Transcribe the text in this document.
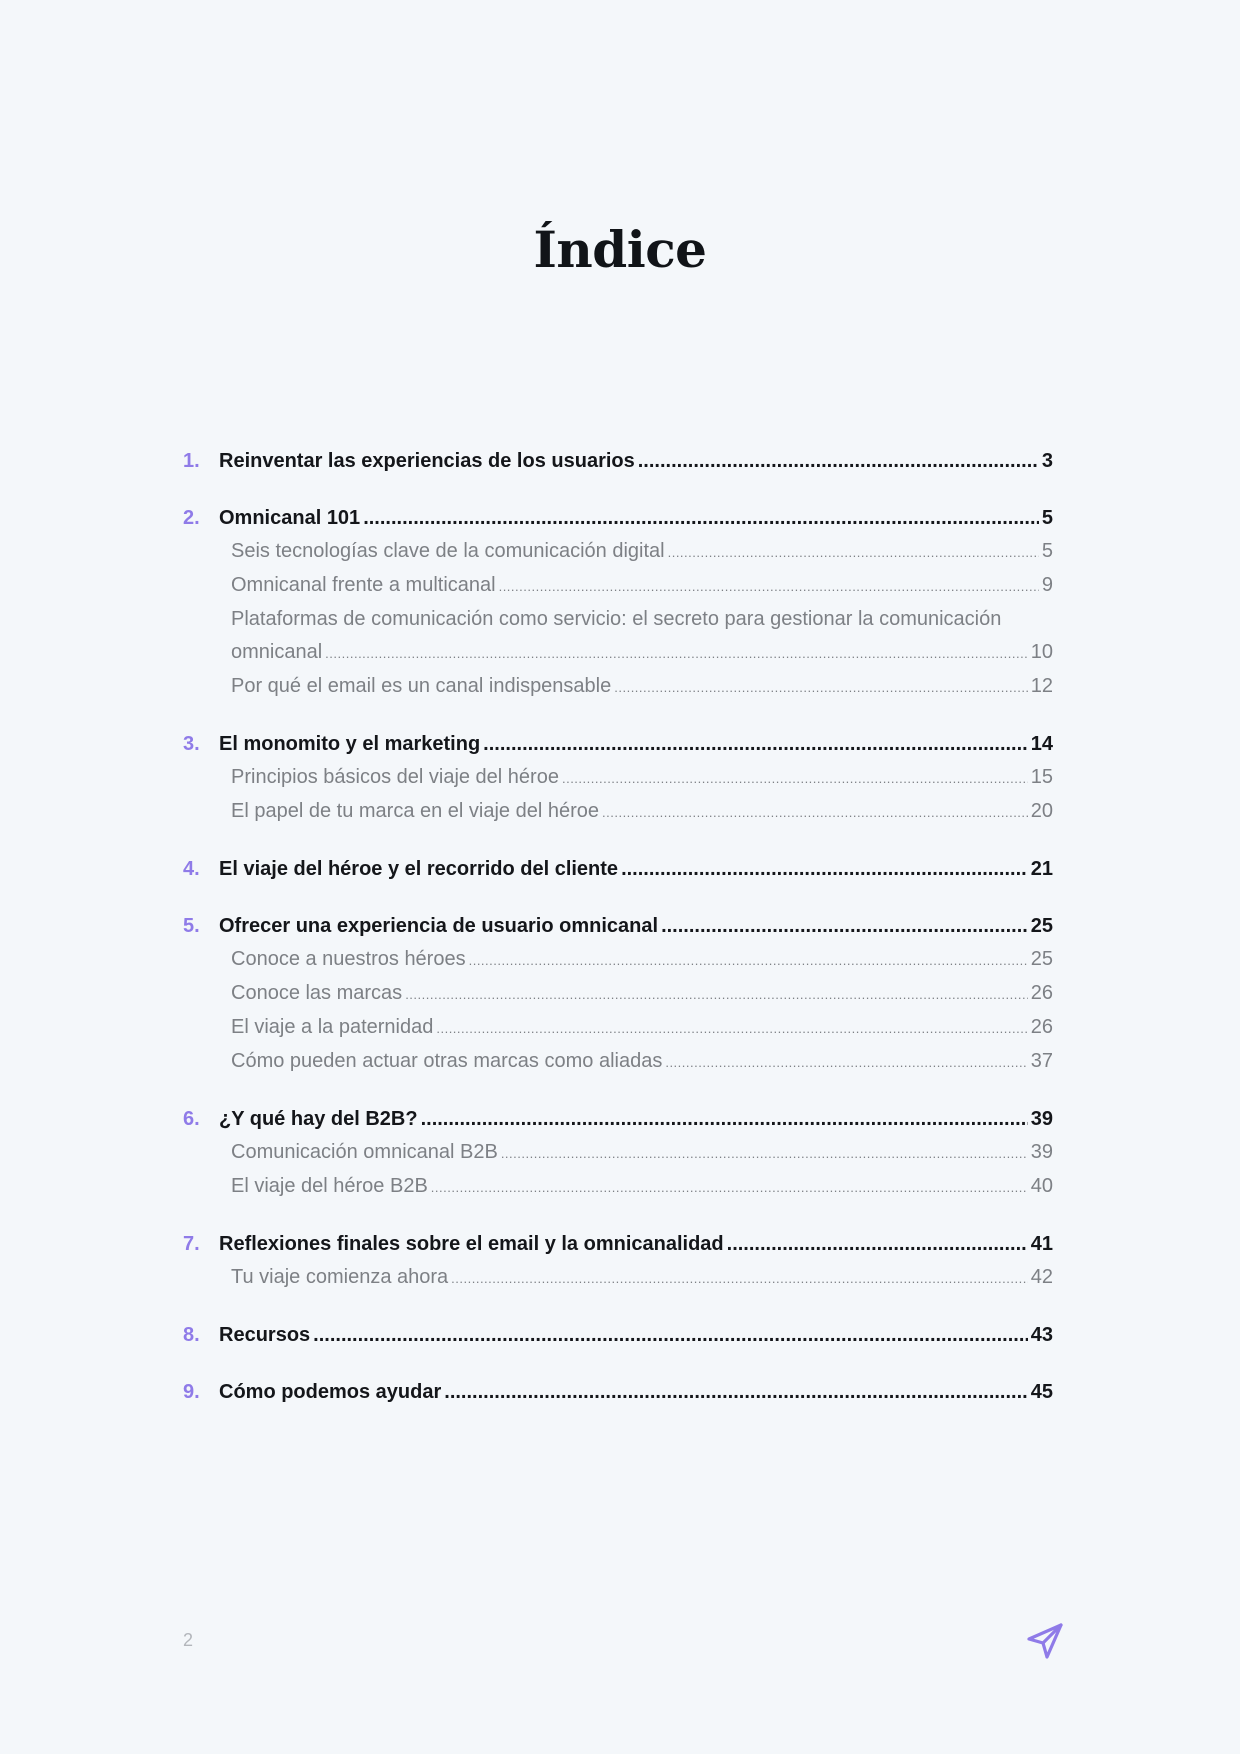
Índice
1. Reinventar las experiencias de los usuarios .....	3
2. Omnicanal 101 .....	5
Seis tecnologías clave de la comunicación digital .....	5
Omnicanal frente a multicanal .....	9
Plataformas de comunicación como servicio: el secreto para gestionar la comunicación
omnicanal .....	10
Por qué el email es un canal indispensable .....	12
3. El monomito y el marketing .....	14
Principios básicos del viaje del héroe .....	15
El papel de tu marca en el viaje del héroe .....	20
4. El viaje del héroe y el recorrido del cliente .....	21
5. Ofrecer una experiencia de usuario omnicanal .....	25
Conoce a nuestros héroes .....	25
Conoce las marcas .....	26
El viaje a la paternidad .....	26
Cómo pueden actuar otras marcas como aliadas .....	37
6. ¿Y qué hay del B2B? .....	39
Comunicación omnicanal B2B .....	39
El viaje del héroe B2B .....	40
7. Reflexiones finales sobre el email y la omnicanalidad .....	41
Tu viaje comienza ahora .....	42
8. Recursos .....	43
9. Cómo podemos ayudar .....	45
2
